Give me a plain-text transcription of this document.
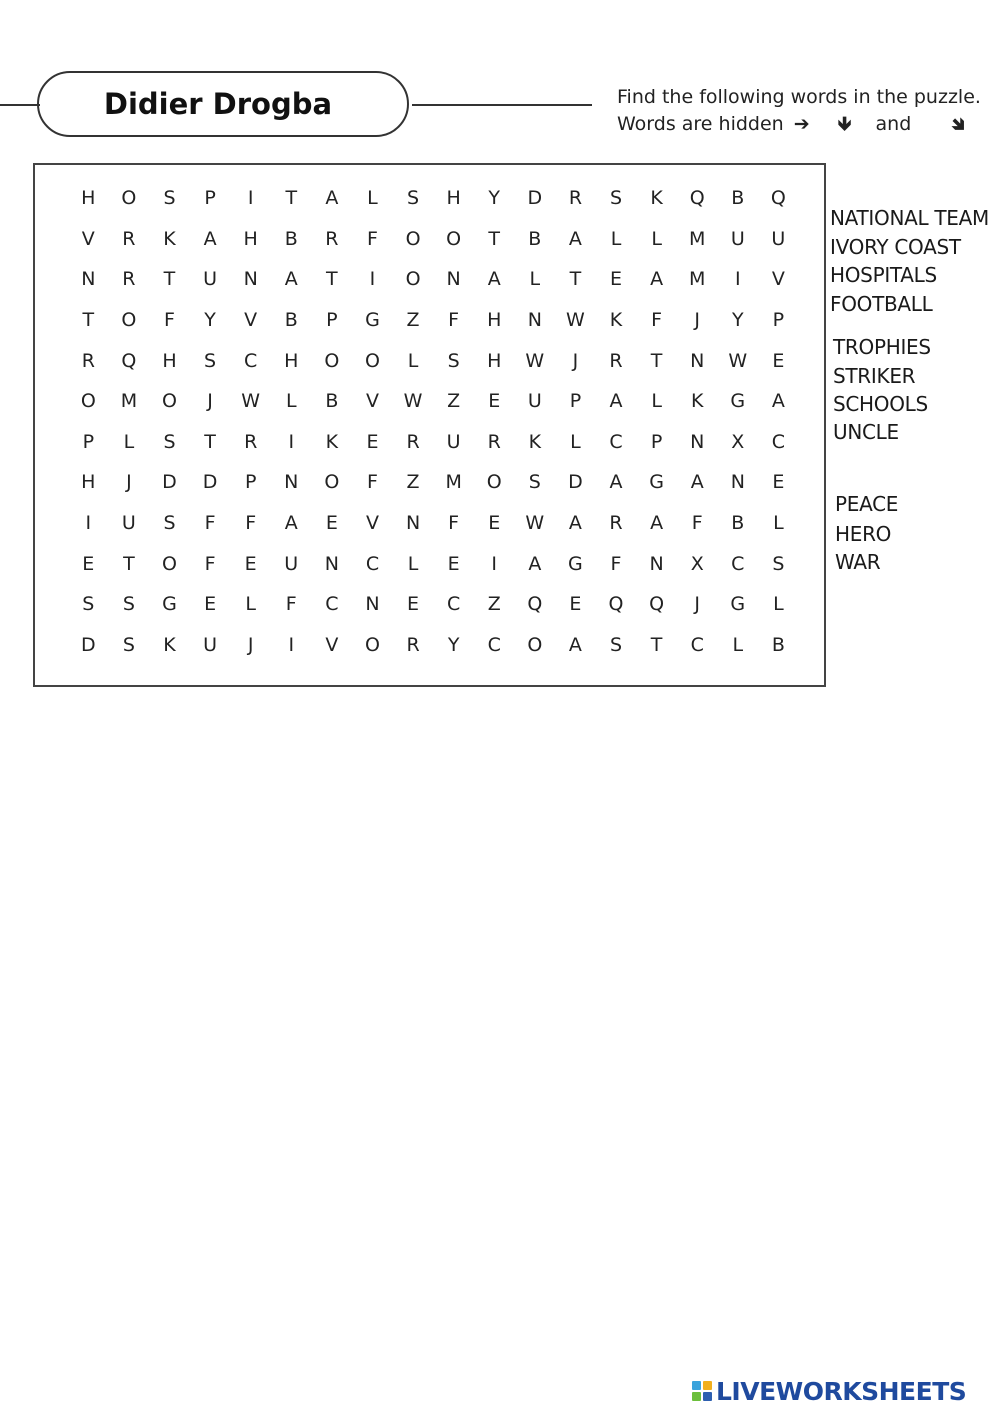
Didier Drogba	Find the following words in the puzzle.
Words are hidden ➔ 🡻 and 🡾
H	O	S	P	I	T	A	L	S	H	Y	D	R	S	K	Q	B	Q
V	R	K	A	H	B	R	F	O	O	T	B	A	L	L	M	U	U
N	R	T	U	N	A	T	I	O	N	A	L	T	E	A	M	I	V
T	O	F	Y	V	B	P	G	Z	F	H	N	W	K	F	J	Y	P
R	Q	H	S	C	H	O	O	L	S	H	W	J	R	T	N	W	E
O	M	O	J	W	L	B	V	W	Z	E	U	P	A	L	K	G	A
P	L	S	T	R	I	K	E	R	U	R	K	L	C	P	N	X	C
H	J	D	D	P	N	O	F	Z	M	O	S	D	A	G	A	N	E
I	U	S	F	F	A	E	V	N	F	E	W	A	R	A	F	B	L
E	T	O	F	E	U	N	C	L	E	I	A	G	F	N	X	C	S
S	S	G	E	L	F	C	N	E	C	Z	Q	E	Q	Q	J	G	L
D	S	K	U	J	I	V	O	R	Y	C	O	A	S	T	C	L	B
NATIONAL TEAM
IVORY COAST
HOSPITALS
FOOTBALL
TROPHIES
STRIKER
SCHOOLS
UNCLE
PEACE
HERO
WAR
LIVEWORKSHEETS
